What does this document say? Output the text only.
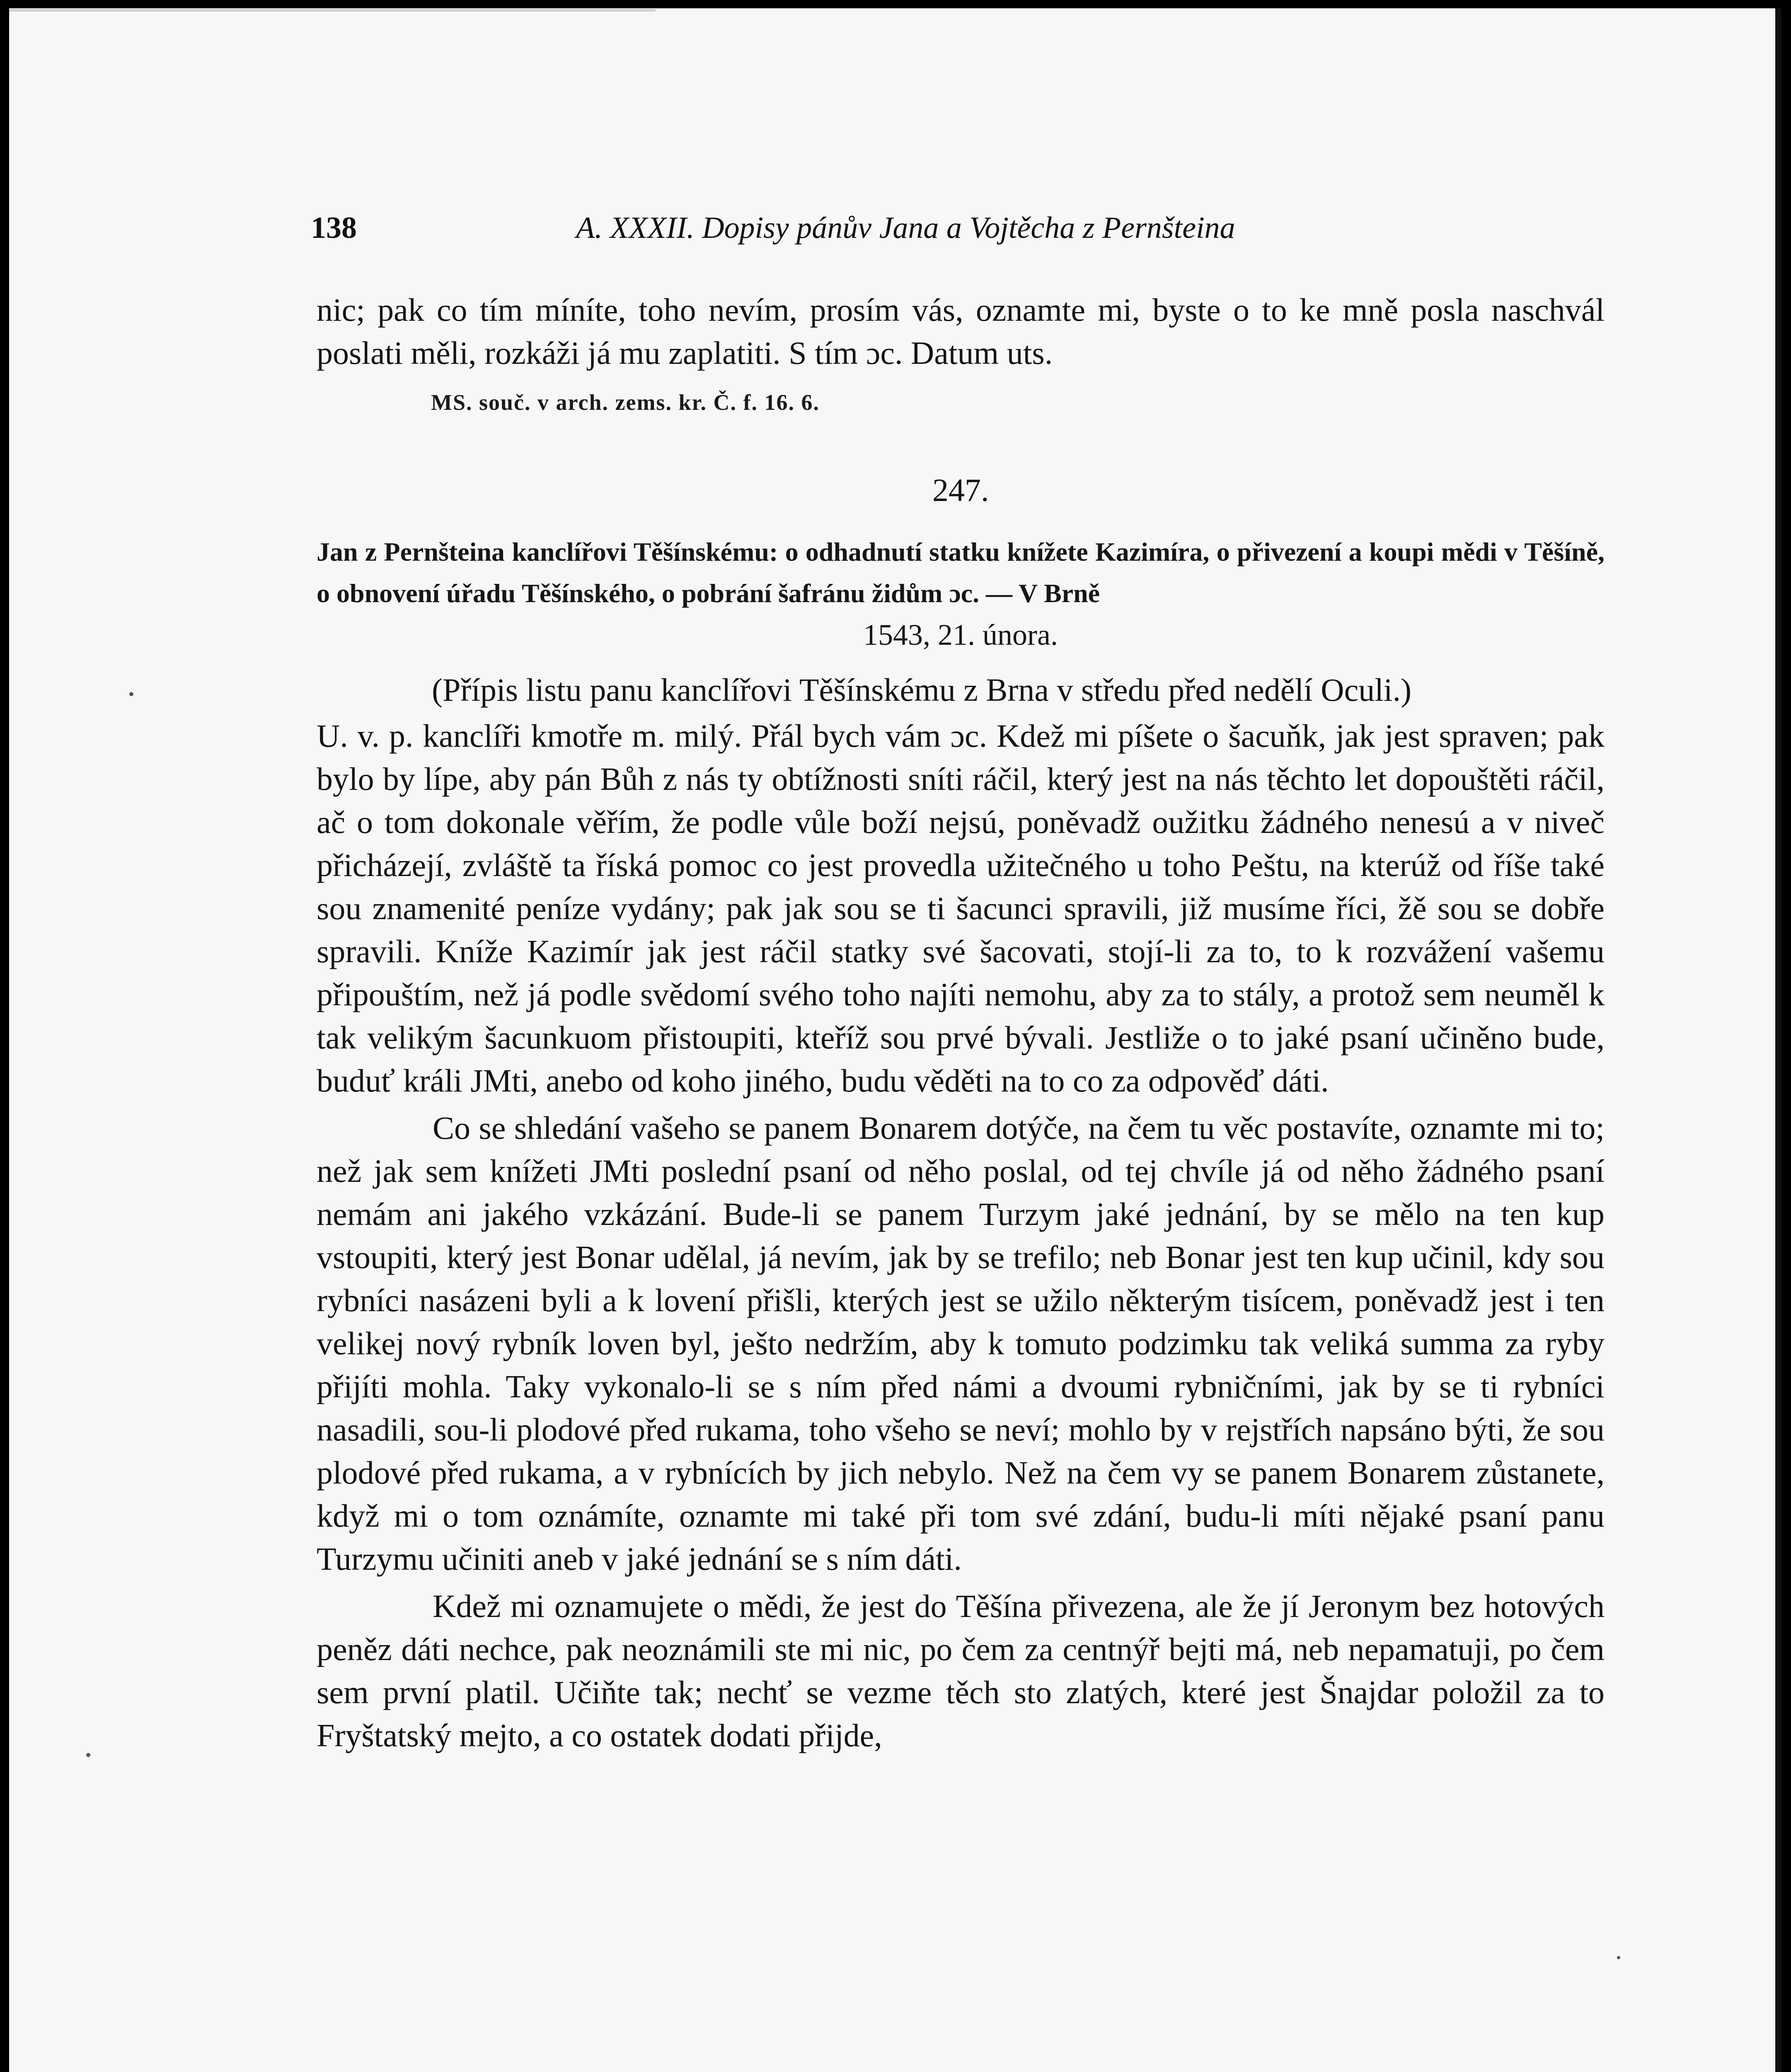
138	A. XXXII. Dopisy pánův Jana a Vojtěcha z Pernšteina

nic; pak co tím míníte, toho nevím, prosím vás, oznamte mi, byste o to ke mně posla naschvál poslati měli, rozkáži já mu zaplatiti. S tím ɔc. Datum uts.

MS. souč. v arch. zems. kr. Č. f. 16. 6.
247.
Jan z Pernšteina kanclířovi Těšínskému: o odhadnutí statku knížete Kazimíra, o přivezení a koupi mědi v Těšíně, o obnovení úřadu Těšínského, o pobrání šafránu židům ɔc. — V Brně
1543, 21. února.
(Přípis listu panu kanclířovi Těšínskému z Brna v středu před nedělí Oculi.)

U. v. p. kanclíři kmotře m. milý. Přál bych vám ɔc. Kdež mi píšete o šacuňk, jak jest spraven; pak bylo by lípe, aby pán Bůh z nás ty obtížnosti sníti ráčil, který jest na nás těchto let dopouštěti ráčil, ač o tom dokonale věřím, že podle vůle boží nejsú, poněvadž oužitku žádného nenesú a v niveč přicházejí, zvláště ta říská pomoc co jest provedla užitečného u toho Peštu, na kterúž od říše také sou znamenité peníze vydány; pak jak sou se ti šacunci spravili, již musíme říci, žě sou se dobře spravili. Kníže Kazimír jak jest ráčil statky své šacovati, stojí-li za to, to k rozvážení vašemu připouštím, než já podle svědomí svého toho najíti nemohu, aby za to stály, a protož sem neuměl k tak velikým šacunkuom přistoupiti, kteříž sou prvé bývali. Jestliže o to jaké psaní učiněno bude, buduť králi JMti, anebo od koho jiného, budu věděti na to co za odpověď dáti.

Co se shledání vašeho se panem Bonarem dotýče, na čem tu věc postavíte, oznamte mi to; než jak sem knížeti JMti poslední psaní od něho poslal, od tej chvíle já od něho žádného psaní nemám ani jakého vzkázání. Bude-li se panem Turzym jaké jednání, by se mělo na ten kup vstoupiti, který jest Bonar udělal, já nevím, jak by se trefilo; neb Bonar jest ten kup učinil, kdy sou rybníci nasázeni byli a k lovení přišli, kterých jest se užilo některým tisícem, poněvadž jest i ten velikej nový rybník loven byl, ješto nedržím, aby k tomuto podzimku tak veliká summa za ryby přijíti mohla. Taky vykonalo-li se s ním před námi a dvoumi rybničními, jak by se ti rybníci nasadili, sou-li plodové před rukama, toho všeho se neví; mohlo by v rejstřích napsáno býti, že sou plodové před rukama, a v rybnících by jich nebylo. Než na čem vy se panem Bonarem zůstanete, když mi o tom oznámíte, oznamte mi také při tom své zdání, budu-li míti nějaké psaní panu Turzymu učiniti aneb v jaké jednání se s ním dáti.

Kdež mi oznamujete o mědi, že jest do Těšína přivezena, ale že jí Jeronym bez hotových peněz dáti nechce, pak neoznámili ste mi nic, po čem za centnýř bejti má, neb nepamatuji, po čem sem první platil. Učiňte tak; nechť se vezme těch sto zlatých, které jest Šnajdar položil za to Fryštatský mejto, a co ostatek dodati přijde,
